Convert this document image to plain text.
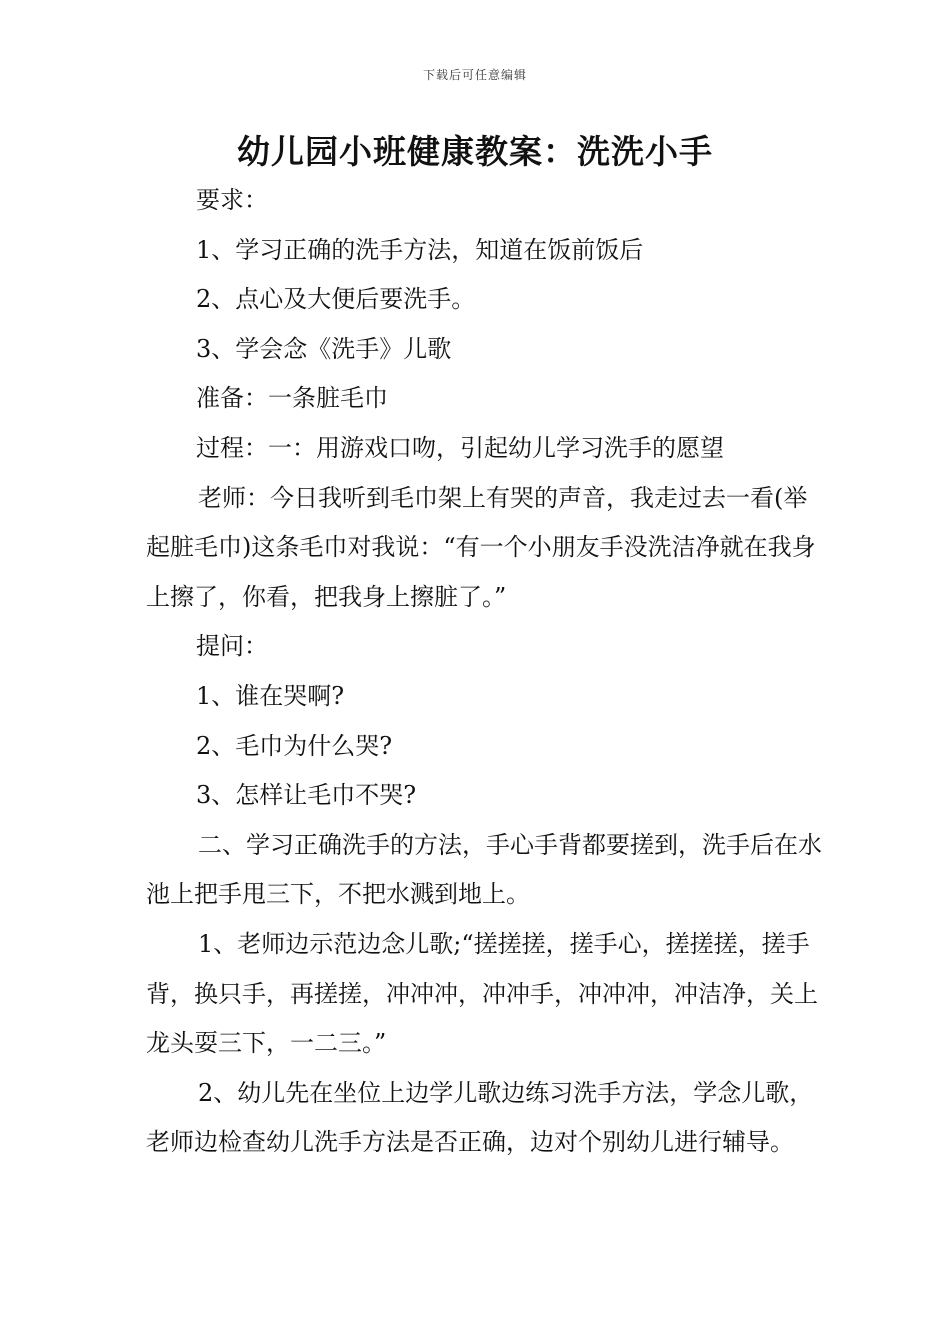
下载后可任意编辑
幼儿园小班健康教案：洗洗小手

要求：

1、学习正确的洗手方法，知道在饭前饭后

2、点心及大便后要洗手。

3、学会念《洗手》儿歌

准备：一条脏毛巾

过程：一：用游戏口吻，引起幼儿学习洗手的愿望

老师：今日我听到毛巾架上有哭的声音，我走过去一看(举起脏毛巾)这条毛巾对我说：“有一个小朋友手没洗洁净就在我身上擦了，你看，把我身上擦脏了。”

提问：

1、谁在哭啊?

2、毛巾为什么哭?

3、怎样让毛巾不哭?

二、学习正确洗手的方法，手心手背都要搓到，洗手后在水池上把手甩三下，不把水溅到地上。

1、老师边示范边念儿歌;“搓搓搓，搓手心，搓搓搓，搓手背，换只手，再搓搓，冲冲冲，冲冲手，冲冲冲，冲洁净，关上龙头耍三下，一二三。”

2、幼儿先在坐位上边学儿歌边练习洗手方法，学念儿歌，老师边检查幼儿洗手方法是否正确，边对个别幼儿进行辅导。
